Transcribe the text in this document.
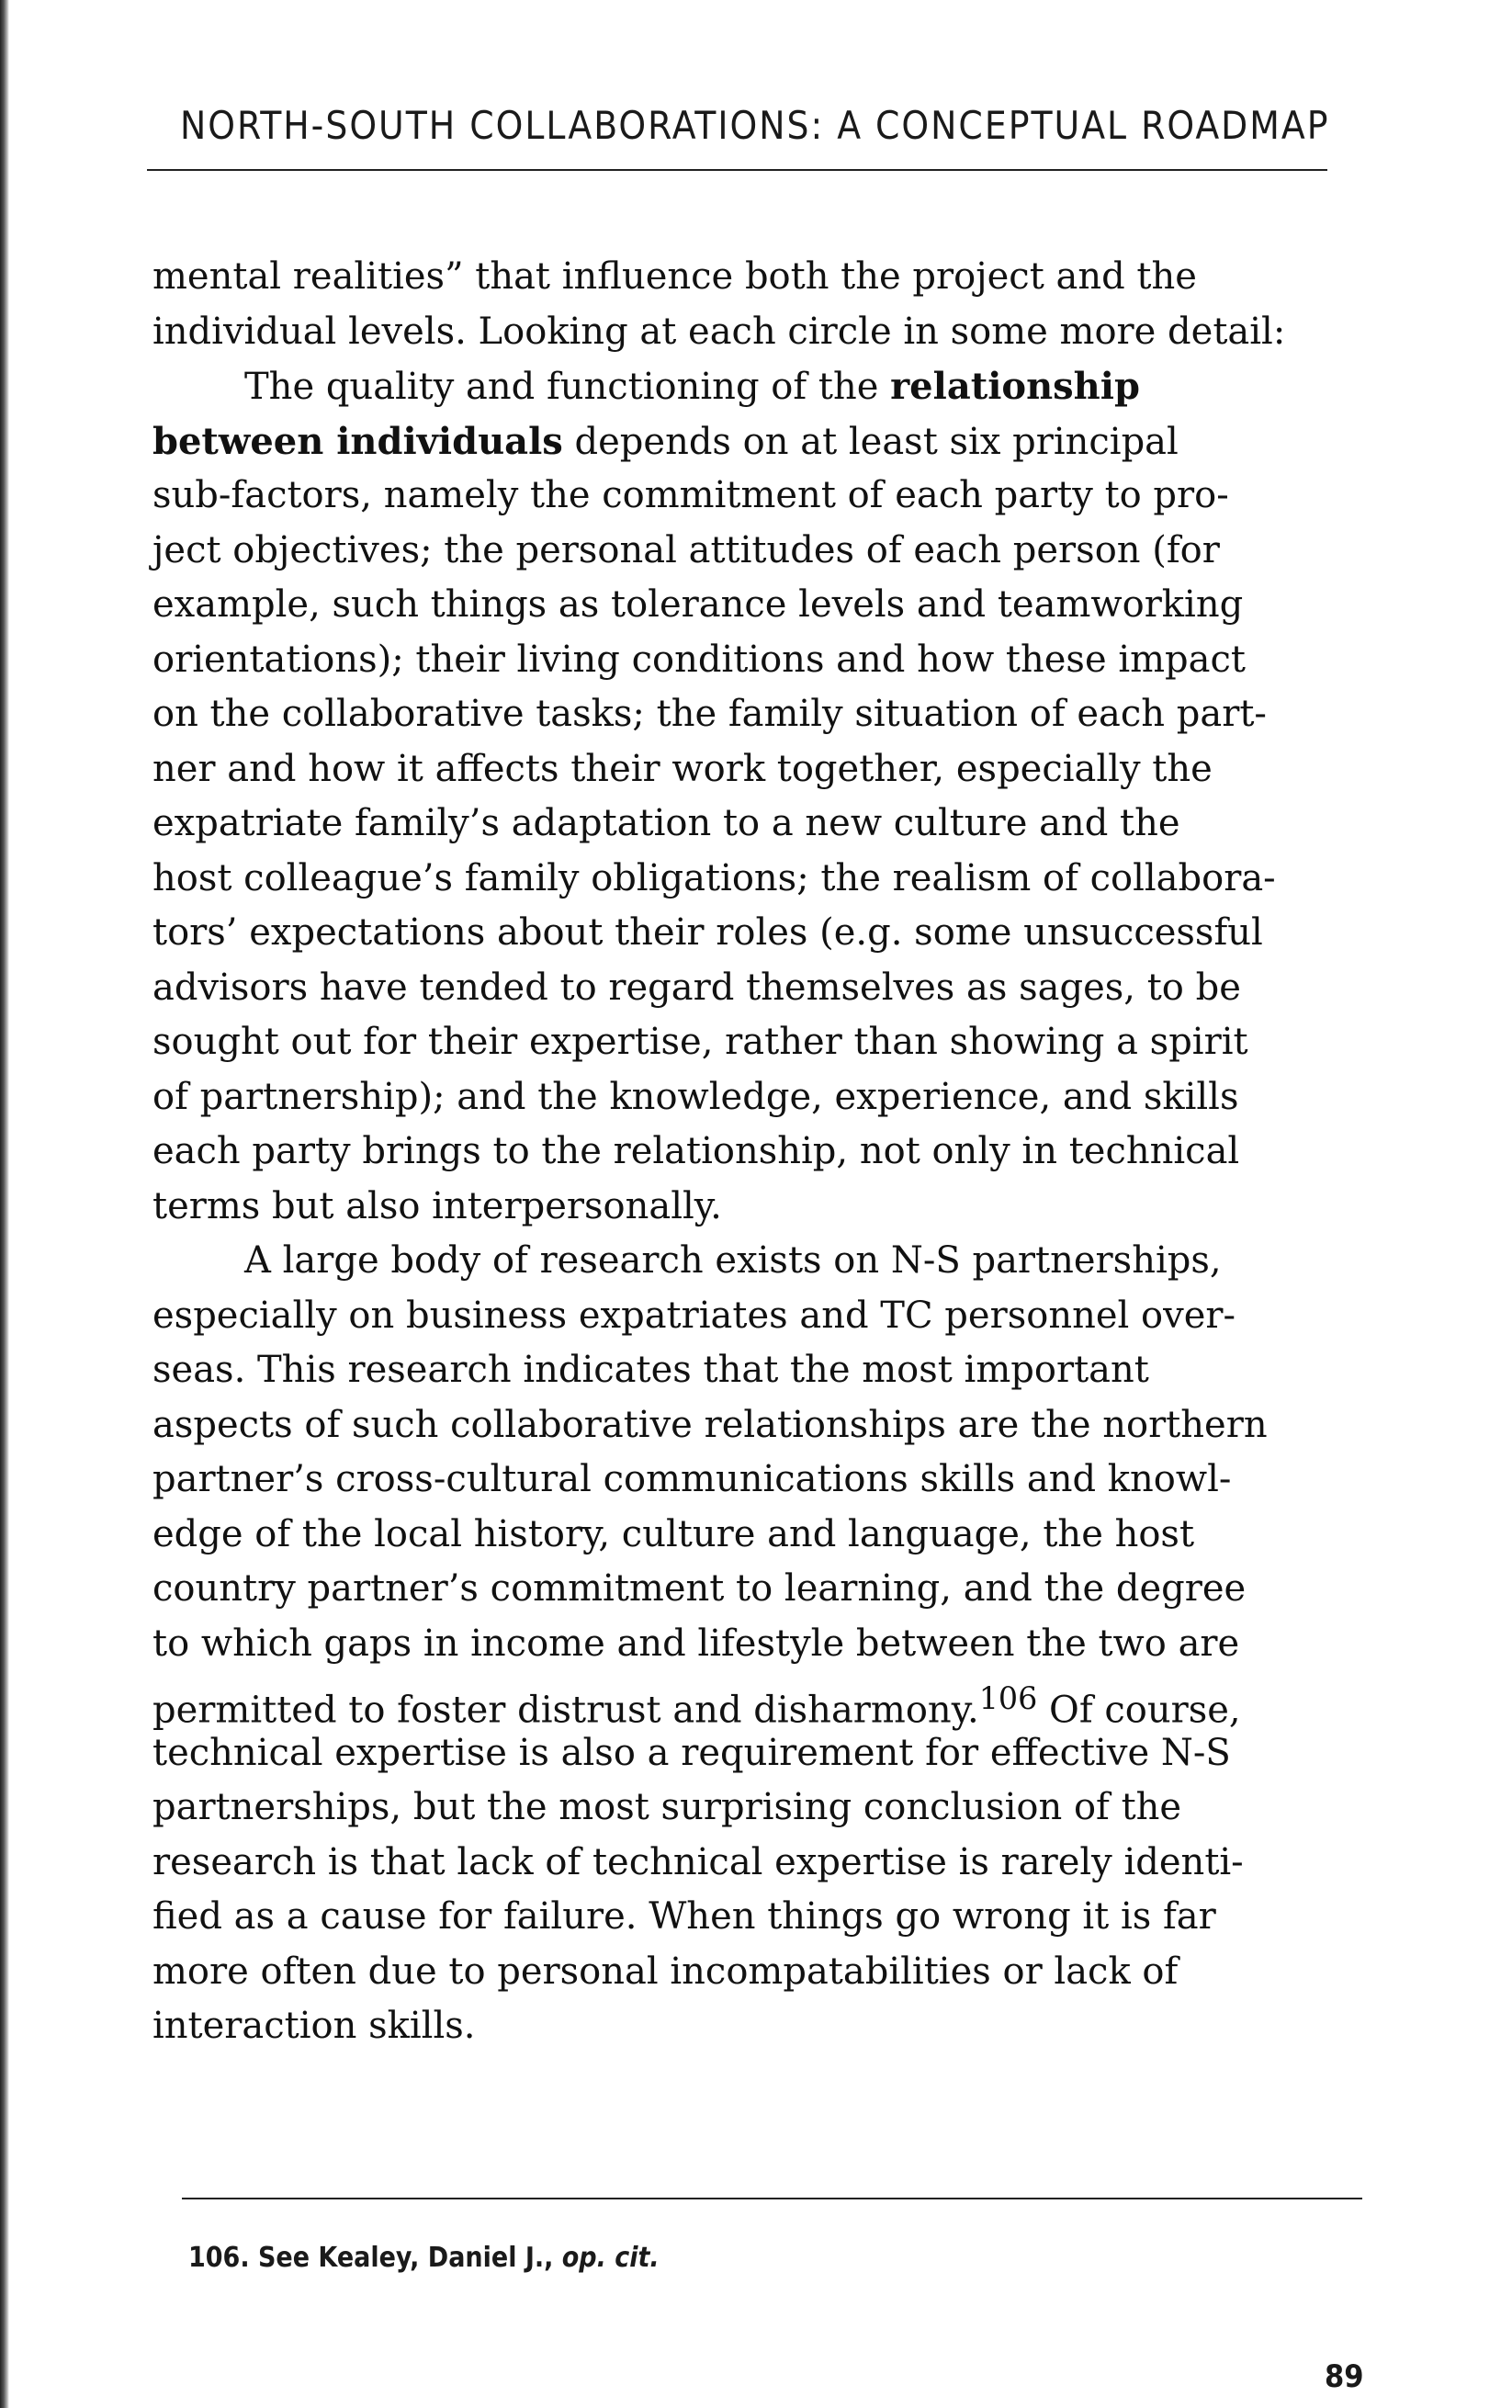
NORTH-SOUTH COLLABORATIONS: A CONCEPTUAL ROADMAP
mental realities” that influence both the project and the
individual levels. Looking at each circle in some more detail:
The quality and functioning of the relationship
between individuals depends on at least six principal
sub-factors, namely the commitment of each party to pro-
ject objectives; the personal attitudes of each person (for
example, such things as tolerance levels and teamworking
orientations); their living conditions and how these impact
on the collaborative tasks; the family situation of each part-
ner and how it affects their work together, especially the
expatriate family’s adaptation to a new culture and the
host colleague’s family obligations; the realism of collabora-
tors’ expectations about their roles (e.g. some unsuccessful
advisors have tended to regard themselves as sages, to be
sought out for their expertise, rather than showing a spirit
of partnership); and the knowledge, experience, and skills
each party brings to the relationship, not only in technical
terms but also interpersonally.
A large body of research exists on N-S partnerships,
especially on business expatriates and TC personnel over-
seas. This research indicates that the most important
aspects of such collaborative relationships are the northern
partner’s cross-cultural communications skills and knowl-
edge of the local history, culture and language, the host
country partner’s commitment to learning, and the degree
to which gaps in income and lifestyle between the two are
permitted to foster distrust and disharmony.$^{106}$ Of course,
technical expertise is also a requirement for effective N-S
partnerships, but the most surprising conclusion of the
research is that lack of technical expertise is rarely identi-
fied as a cause for failure. When things go wrong it is far
more often due to personal incompatabilities or lack of
interaction skills.
106. See Kealey, Daniel J., op. cit.
89
